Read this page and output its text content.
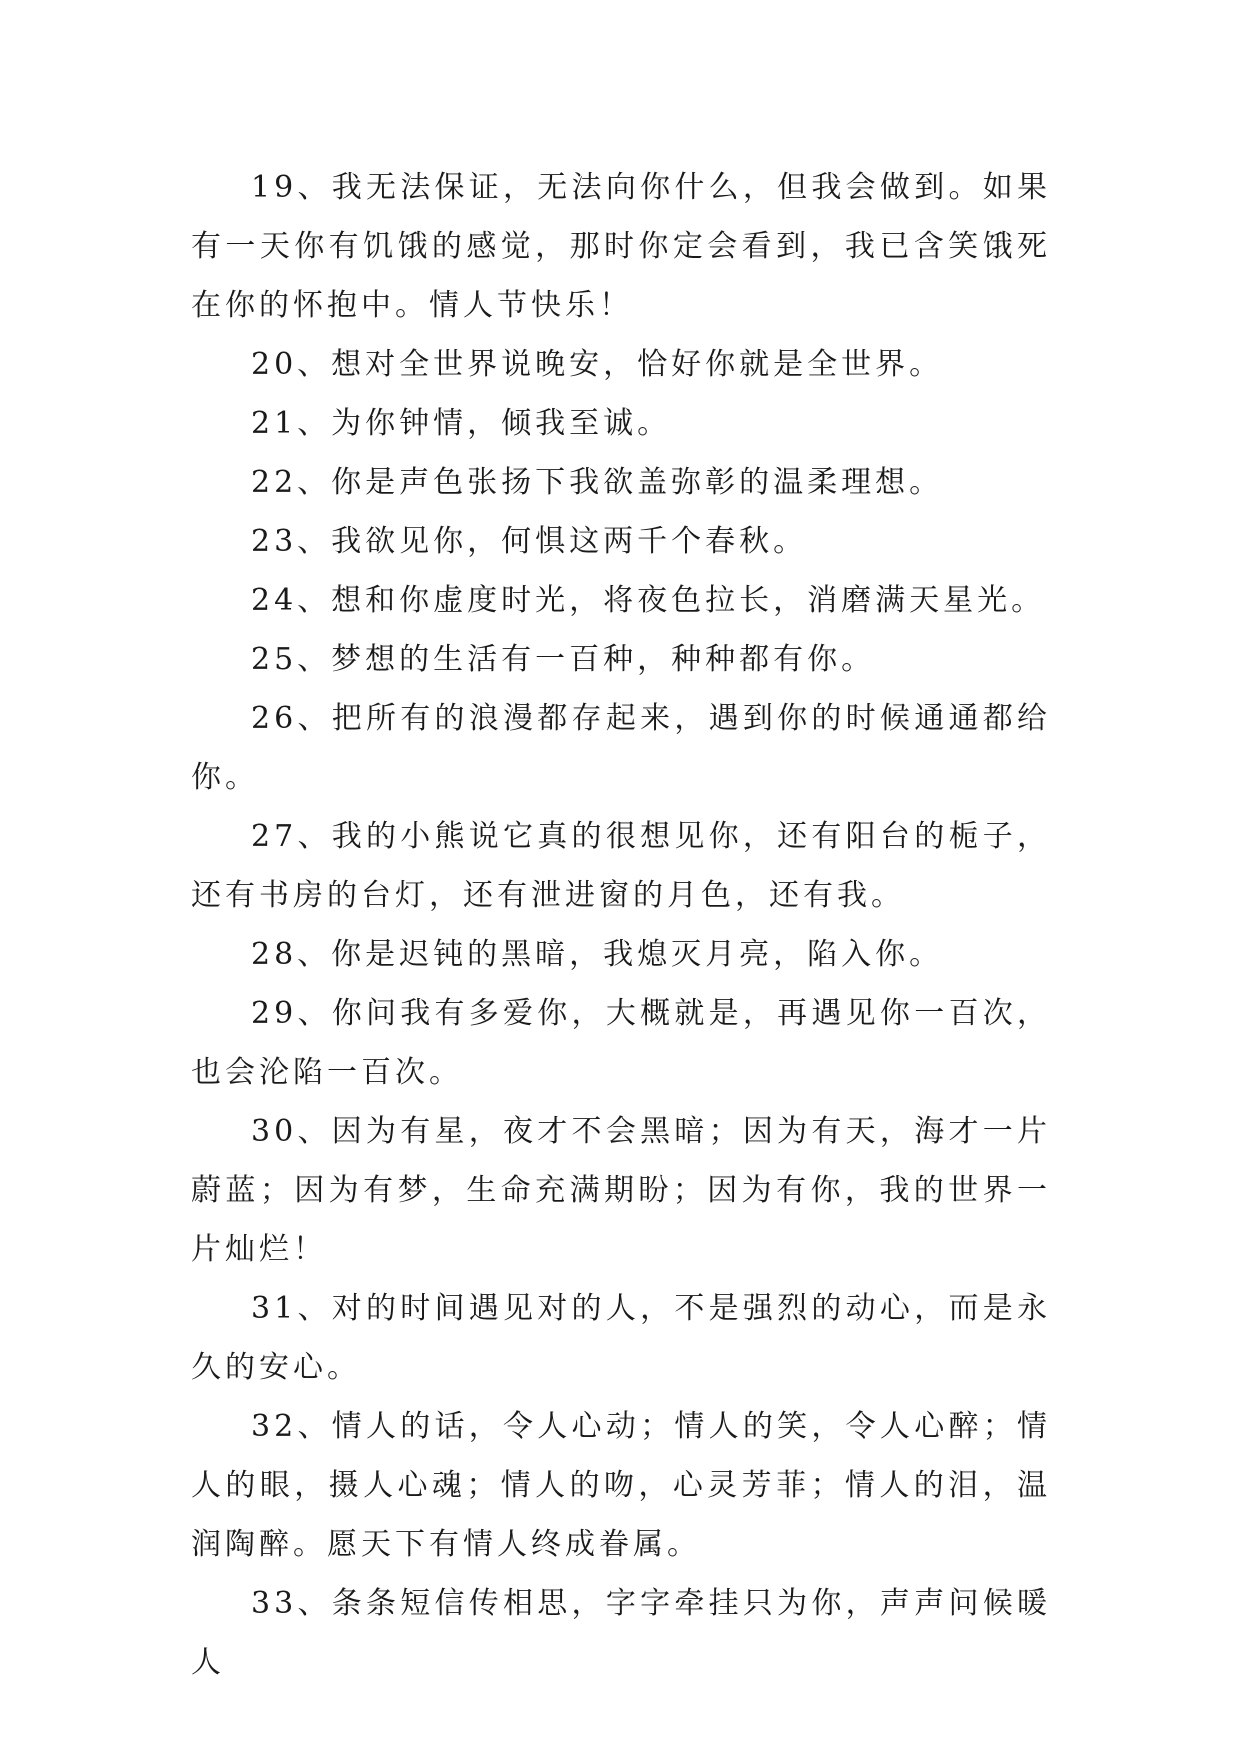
19、我无法保证，无法向你什么，但我会做到。如果有一天你有饥饿的感觉，那时你定会看到，我已含笑饿死在你的怀抱中。情人节快乐！

20、想对全世界说晚安，恰好你就是全世界。

21、为你钟情，倾我至诚。

22、你是声色张扬下我欲盖弥彰的温柔理想。

23、我欲见你，何惧这两千个春秋。

24、想和你虚度时光，将夜色拉长，消磨满天星光。

25、梦想的生活有一百种，种种都有你。

26、把所有的浪漫都存起来，遇到你的时候通通都给你。

27、我的小熊说它真的很想见你，还有阳台的栀子，还有书房的台灯，还有泄进窗的月色，还有我。

28、你是迟钝的黑暗，我熄灭月亮，陷入你。

29、你问我有多爱你，大概就是，再遇见你一百次，也会沦陷一百次。

30、因为有星，夜才不会黑暗；因为有天，海才一片蔚蓝；因为有梦，生命充满期盼；因为有你，我的世界一片灿烂！

31、对的时间遇见对的人，不是强烈的动心，而是永久的安心。

32、情人的话，令人心动；情人的笑，令人心醉；情人的眼，摄人心魂；情人的吻，心灵芳菲；情人的泪，温润陶醉。愿天下有情人终成眷属。

33、条条短信传相思，字字牵挂只为你，声声问候暖人
